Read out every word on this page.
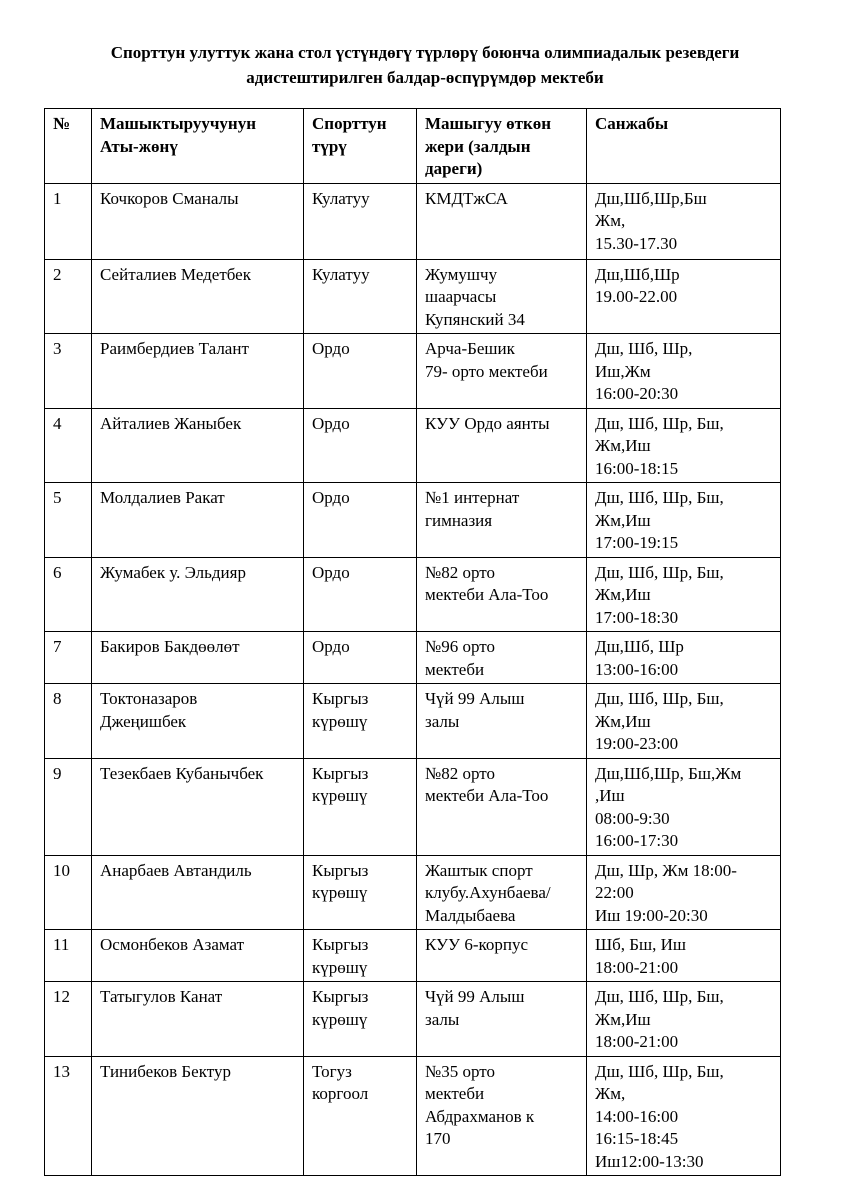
Спорттун улуттук жана стол үстүндөгү түрлөрү боюнча олимпиадалык резевдеги
адистештирилген балдар-өспүрүмдөр мектеби
№	Машыктыруучунун
Аты-жөнү	Спорттун
түрү	Машыгуу өткөн
жери (залдын
дареги)	Санжабы

1	Кочкоров Сманалы	Кулатуу	КМДТжСА	Дш,Шб,Шр,Бш
Жм,
15.30-17.30

2	Сейталиев Медетбек	Кулатуу	Жумушчу
шаарчасы
Купянский 34	Дш,Шб,Шр
19.00-22.00

3	Раимбердиев Талант	Ордо	Арча-Бешик
79- орто мектеби	Дш, Шб, Шр,
Иш,Жм
16:00-20:30

4	Айталиев Жаныбек	Ордо	КУУ Ордо аянты	Дш, Шб, Шр, Бш,
Жм,Иш
16:00-18:15

5	Молдалиев Ракат	Ордо	№1 интернат
гимназия	Дш, Шб, Шр, Бш,
Жм,Иш
17:00-19:15

6	Жумабек у. Эльдияр	Ордо	№82 орто
мектеби Ала-Тоо	Дш, Шб, Шр, Бш,
Жм,Иш
17:00-18:30

7	Бакиров Бакдөөлөт	Ордо	№96 орто
мектеби	Дш,Шб, Шр
13:00-16:00

8	Токтоназаров
Джеңишбек	Кыргыз
күрөшү	Чүй 99 Алыш
залы	Дш, Шб, Шр, Бш,
Жм,Иш
19:00-23:00

9	Тезекбаев Кубанычбек	Кыргыз
күрөшү	№82 орто
мектеби Ала-Тоо	Дш,Шб,Шр, Бш,Жм
,Иш
08:00-9:30
16:00-17:30

10	Анарбаев Автандиль	Кыргыз
күрөшү	Жаштык спорт
клубу.Ахунбаева/
Малдыбаева	Дш, Шр, Жм 18:00-
22:00
Иш 19:00-20:30

11	Осмонбеков Азамат	Кыргыз
күрөшү	КУУ 6-корпус	Шб, Бш, Иш
18:00-21:00

12	Татыгулов Канат	Кыргыз
күрөшү	Чүй 99 Алыш
залы	Дш, Шб, Шр, Бш,
Жм,Иш
18:00-21:00

13	Тинибеков Бектур	Тогуз
коргоол	№35 орто
мектеби
Абдрахманов к
170	Дш, Шб, Шр, Бш,
Жм,
14:00-16:00
16:15-18:45
Иш12:00-13:30
